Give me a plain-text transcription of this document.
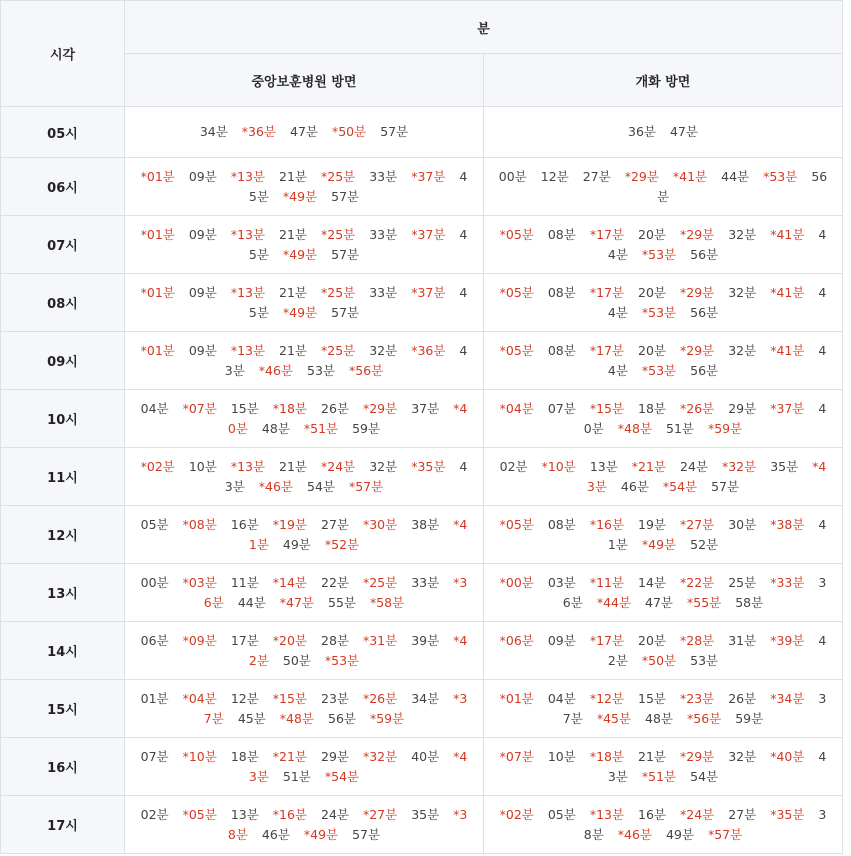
시각	분	
	중앙보훈병원 방면	개화 방면
05시	34분 *36분 47분 *50분 57분	36분 47분
06시	*01분 09분 *13분 21분 *25분 33분 *37분 45분 *49분 57분	00분 12분 27분 *29분 *41분 44분 *53분 56분
07시	*01분 09분 *13분 21분 *25분 33분 *37분 45분 *49분 57분	*05분 08분 *17분 20분 *29분 32분 *41분 44분 *53분 56분
08시	*01분 09분 *13분 21분 *25분 33분 *37분 45분 *49분 57분	*05분 08분 *17분 20분 *29분 32분 *41분 44분 *53분 56분
09시	*01분 09분 *13분 21분 *25분 32분 *36분 43분 *46분 53분 *56분	*05분 08분 *17분 20분 *29분 32분 *41분 44분 *53분 56분
10시	04분 *07분 15분 *18분 26분 *29분 37분 *40분 48분 *51분 59분	*04분 07분 *15분 18분 *26분 29분 *37분 40분 *48분 51분 *59분
11시	*02분 10분 *13분 21분 *24분 32분 *35분 43분 *46분 54분 *57분	02분 *10분 13분 *21분 24분 *32분 35분 *43분 46분 *54분 57분
12시	05분 *08분 16분 *19분 27분 *30분 38분 *41분 49분 *52분	*05분 08분 *16분 19분 *27분 30분 *38분 41분 *49분 52분
13시	00분 *03분 11분 *14분 22분 *25분 33분 *36분 44분 *47분 55분 *58분	*00분 03분 *11분 14분 *22분 25분 *33분 36분 *44분 47분 *55분 58분
14시	06분 *09분 17분 *20분 28분 *31분 39분 *42분 50분 *53분	*06분 09분 *17분 20분 *28분 31분 *39분 42분 *50분 53분
15시	01분 *04분 12분 *15분 23분 *26분 34분 *37분 45분 *48분 56분 *59분	*01분 04분 *12분 15분 *23분 26분 *34분 37분 *45분 48분 *56분 59분
16시	07분 *10분 18분 *21분 29분 *32분 40분 *43분 51분 *54분	*07분 10분 *18분 21분 *29분 32분 *40분 43분 *51분 54분
17시	02분 *05분 13분 *16분 24분 *27분 35분 *38분 46분 *49분 57분	*02분 05분 *13분 16분 *24분 27분 *35분 38분 *46분 49분 *57분
